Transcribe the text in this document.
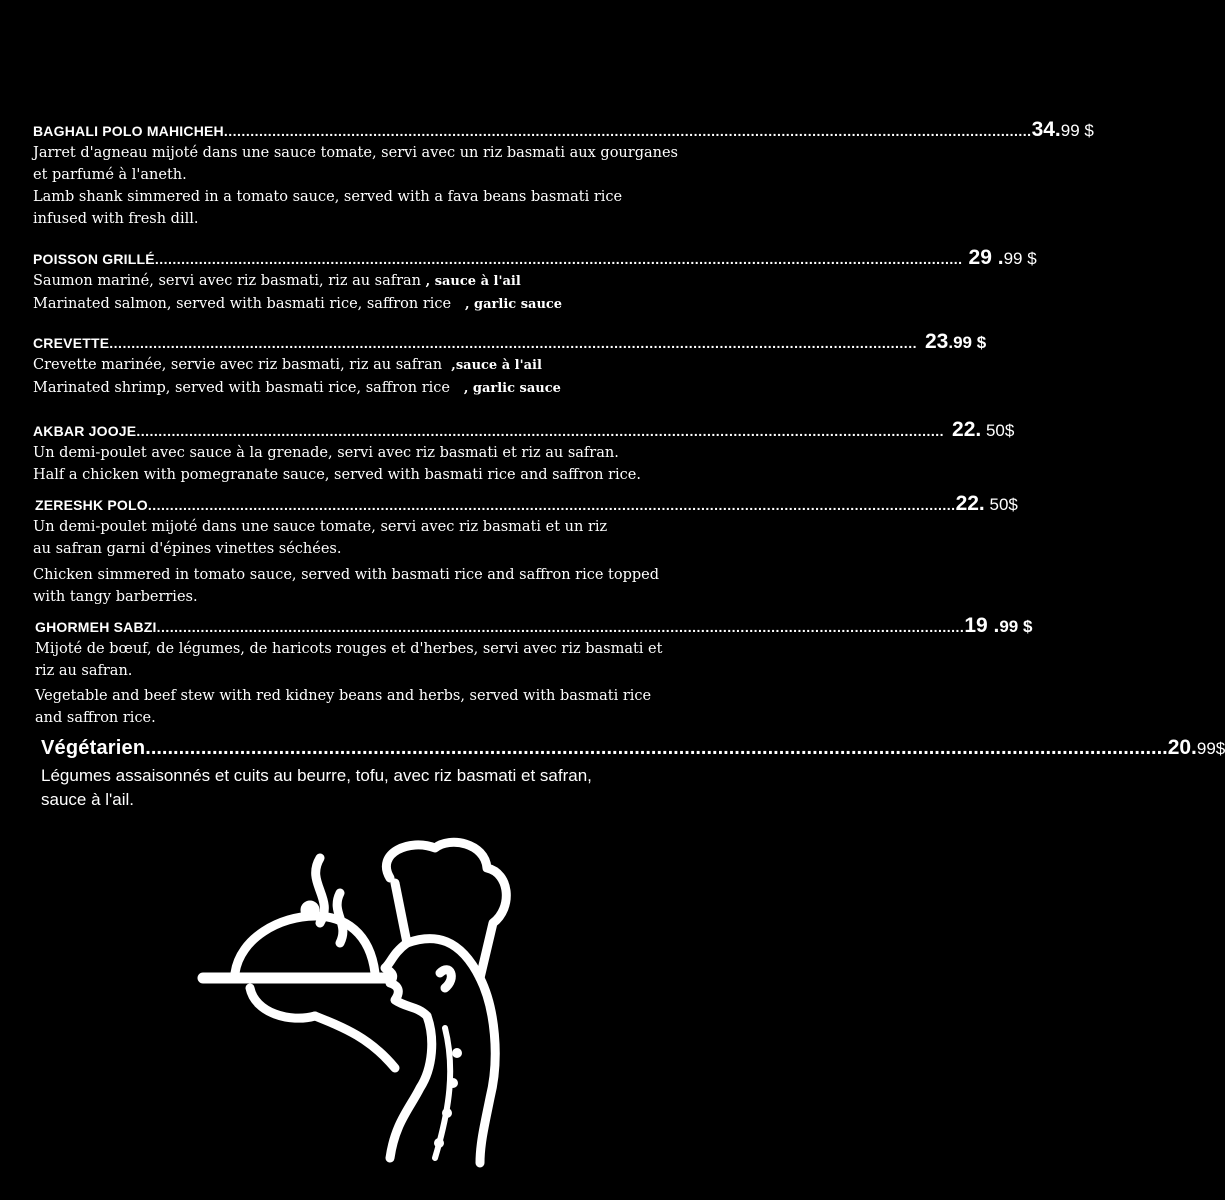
BAGHALI POLO MAHICHEH ........................................................................................................................................................................................ 34.99 $
Jarret d'agneau mijoté dans une sauce tomate, servi avec un riz basmati aux gourganes
et parfumé à l'aneth.
Lamb shank simmered in a tomato sauce, served with a fava beans basmati rice
infused with fresh dill.
POISSON GRILLÉ ........................................................................................................................................................................................ 29 .99 $
Saumon mariné, servi avec riz basmati, riz au safran , sauce à l'ail
Marinated salmon, served with basmati rice, saffron rice , garlic sauce
CREVETTE ........................................................................................................................................................................................ 23.99 $
Crevette marinée, servie avec riz basmati, riz au safran ,sauce à l'ail
Marinated shrimp, served with basmati rice, saffron rice , garlic sauce
AKBAR JOOJE ........................................................................................................................................................................................ 22. 50$
Un demi-poulet avec sauce à la grenade, servi avec riz basmati et riz au safran.
Half a chicken with pomegranate sauce, served with basmati rice and saffron rice.
ZERESHK POLO ........................................................................................................................................................................................ 22. 50$
Un demi-poulet mijoté dans une sauce tomate, servi avec riz basmati et un riz
au safran garni d'épines vinettes séchées.
Chicken simmered in tomato sauce, served with basmati rice and saffron rice topped
with tangy barberries.
GHORMEH SABZI ........................................................................................................................................................................................ 19 .99 $
Mijoté de bœuf, de légumes, de haricots rouges et d'herbes, servi avec riz basmati et
riz au safran.
Vegetable and beef stew with red kidney beans and herbs, served with basmati rice
and saffron rice.
Végétarien ........................................................................................................................................................................................ 20.99$
Légumes assaisonnés et cuits au beurre, tofu, avec riz basmati et safran,
sauce à l'ail.
